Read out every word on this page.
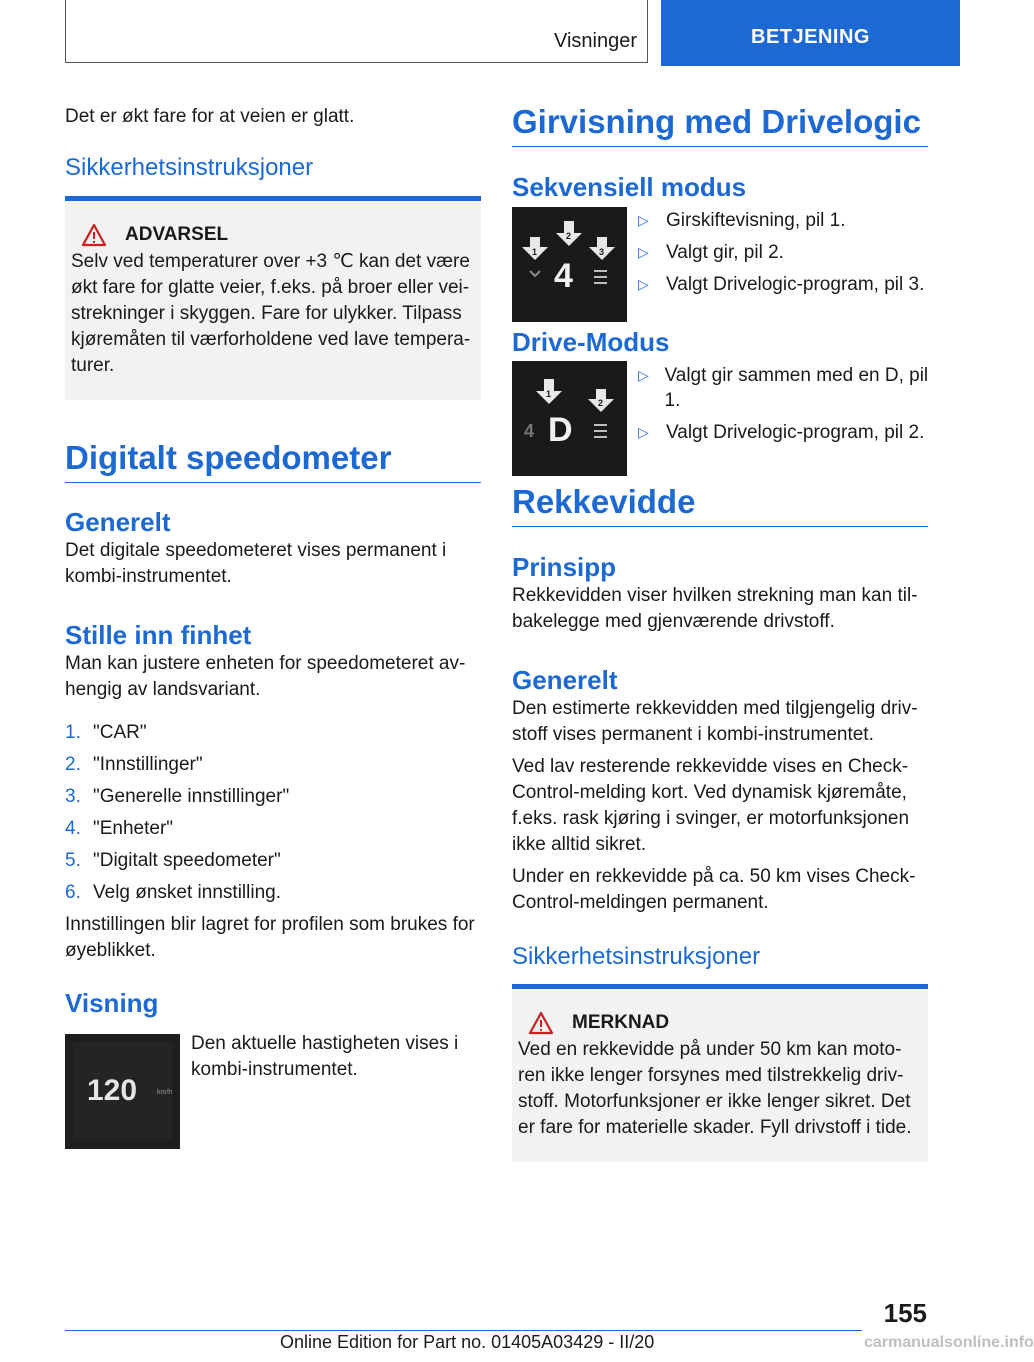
Visninger	BETJENING

Det er økt fare for at veien er glatt.

Sikkerhetsinstruksjoner

ADVARSEL

Selv ved temperaturer over +3 ℃ kan det være økt fare for glatte veier, f.eks. på broer eller veistrekninger i skyggen. Fare for ulykker. Tilpass kjøremåten til værforholdene ved lave temperaturer.

Digitalt speedometer

Generelt

Det digitale speedometeret vises permanent i kombi-instrumentet.

Stille inn finhet

Man kan justere enheten for speedometeret avhengig av landsvariant.

1. "CAR"
2. "Innstillinger"
3. "Generelle innstillinger"
4. "Enheter"
5. "Digitalt speedometer"
6. Velg ønsket innstilling.

Innstillingen blir lagret for profilen som brukes for øyeblikket.

Visning

120	km/h

Den aktuelle hastigheten vises i kombi-instrumentet.

Girvisning med Drivelogic

Sekvensiell modus

1
2
3
4
▷ Girskiftevisning, pil 1.
▷ Valgt gir, pil 2.
▷ Valgt Drivelogic-program, pil 3.

Drive-Modus

1
2
4 D
▷ Valgt gir sammen med en D, pil 1.
▷ Valgt Drivelogic-program, pil 2.

Rekkevidde

Prinsipp

Rekkevidden viser hvilken strekning man kan tilbakelegge med gjenværende drivstoff.

Generelt

Den estimerte rekkevidden med tilgjengelig drivstoff vises permanent i kombi-instrumentet.

Ved lav resterende rekkevidde vises en Check-Control-melding kort. Ved dynamisk kjøremåte, f.eks. rask kjøring i svinger, er motorfunksjonen ikke alltid sikret.

Under en rekkevidde på ca. 50 km vises Check-Control-meldingen permanent.

Sikkerhetsinstruksjoner

MERKNAD

Ved en rekkevidde på under 50 km kan motoren ikke lenger forsynes med tilstrekkelig drivstoff. Motorfunksjoner er ikke lenger sikret. Det er fare for materielle skader. Fyll drivstoff i tide.

155
Online Edition for Part no. 01405A03429 - II/20	carmanualsonline.info
